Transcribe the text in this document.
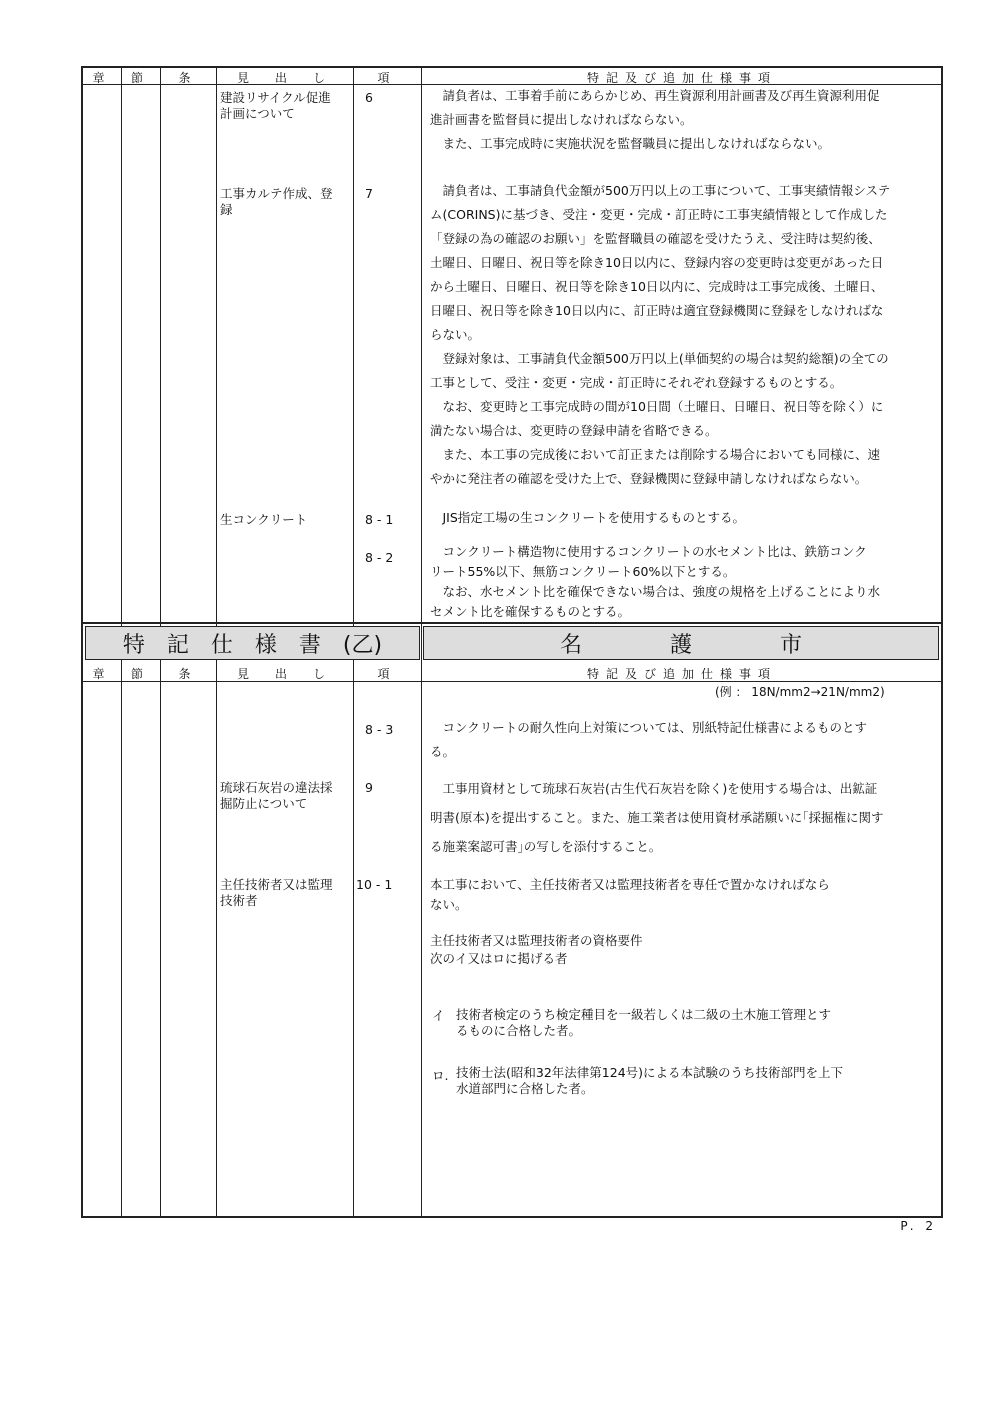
章	節	条	見　出　し	項	特記及び追加仕様事項
建設リサイクル促進
計画について
6	　請負者は、工事着手前にあらかじめ、再生資源利用計画書及び再生資源利用促
進計画書を監督員に提出しなければならない。
　また、工事完成時に実施状況を監督職員に提出しなければならない。
工事カルテ作成、登
録
7	　請負者は、工事請負代金額が500万円以上の工事について、工事実績情報システ
ム(CORINS)に基づき、受注・変更・完成・訂正時に工事実績情報として作成した
「登録の為の確認のお願い」を監督職員の確認を受けたうえ、受注時は契約後、
土曜日、日曜日、祝日等を除き10日以内に、登録内容の変更時は変更があった日
から土曜日、日曜日、祝日等を除き10日以内に、完成時は工事完成後、土曜日、
日曜日、祝日等を除き10日以内に、訂正時は適宜登録機関に登録をしなければな
らない。
　登録対象は、工事請負代金額500万円以上(単価契約の場合は契約総額)の全ての
工事として、受注・変更・完成・訂正時にそれぞれ登録するものとする。
　なお、変更時と工事完成時の間が10日間（土曜日、日曜日、祝日等を除く）に
満たない場合は、変更時の登録申請を省略できる。
　また、本工事の完成後において訂正または削除する場合においても同様に、速
やかに発注者の確認を受けた上で、登録機関に登録申請しなければならない。
生コンクリート	8 - 1	　JIS指定工場の生コンクリートを使用するものとする。
8 - 2	　コンクリート構造物に使用するコンクリートの水セメント比は、鉄筋コンク
リート55%以下、無筋コンクリート60%以下とする。
　なお、水セメント比を確保できない場合は、強度の規格を上げることにより水
セメント比を確保するものとする。
特　記　仕　様　書　(乙)	名　　　　護　　　　市
章	節	条	見　出　し	項	特記及び追加仕様事項
(例 ： 18N/mm2→21N/mm2)
8 - 3	　コンクリートの耐久性向上対策については、別紙特記仕様書によるものとす
る。
琉球石灰岩の違法採
掘防止について
9	　工事用資材として琉球石灰岩(古生代石灰岩を除く)を使用する場合は、出鉱証
明書(原本)を提出すること。また、施工業者は使用資材承諾願いに｢採掘権に関す
る施業案認可書｣の写しを添付すること。
主任技術者又は監理
技術者
10 - 1	本工事において、主任技術者又は監理技術者を専任で置かなければなら
ない。
主任技術者又は監理技術者の資格要件
次のイ又はロに掲げる者
イ 技術者検定のうち検定種目を一級若しくは二級の土木施工管理とす
るものに合格した者。
ロ. 技術士法(昭和32年法律第124号)による本試験のうち技術部門を上下
水道部門に合格した者。
P. 2
